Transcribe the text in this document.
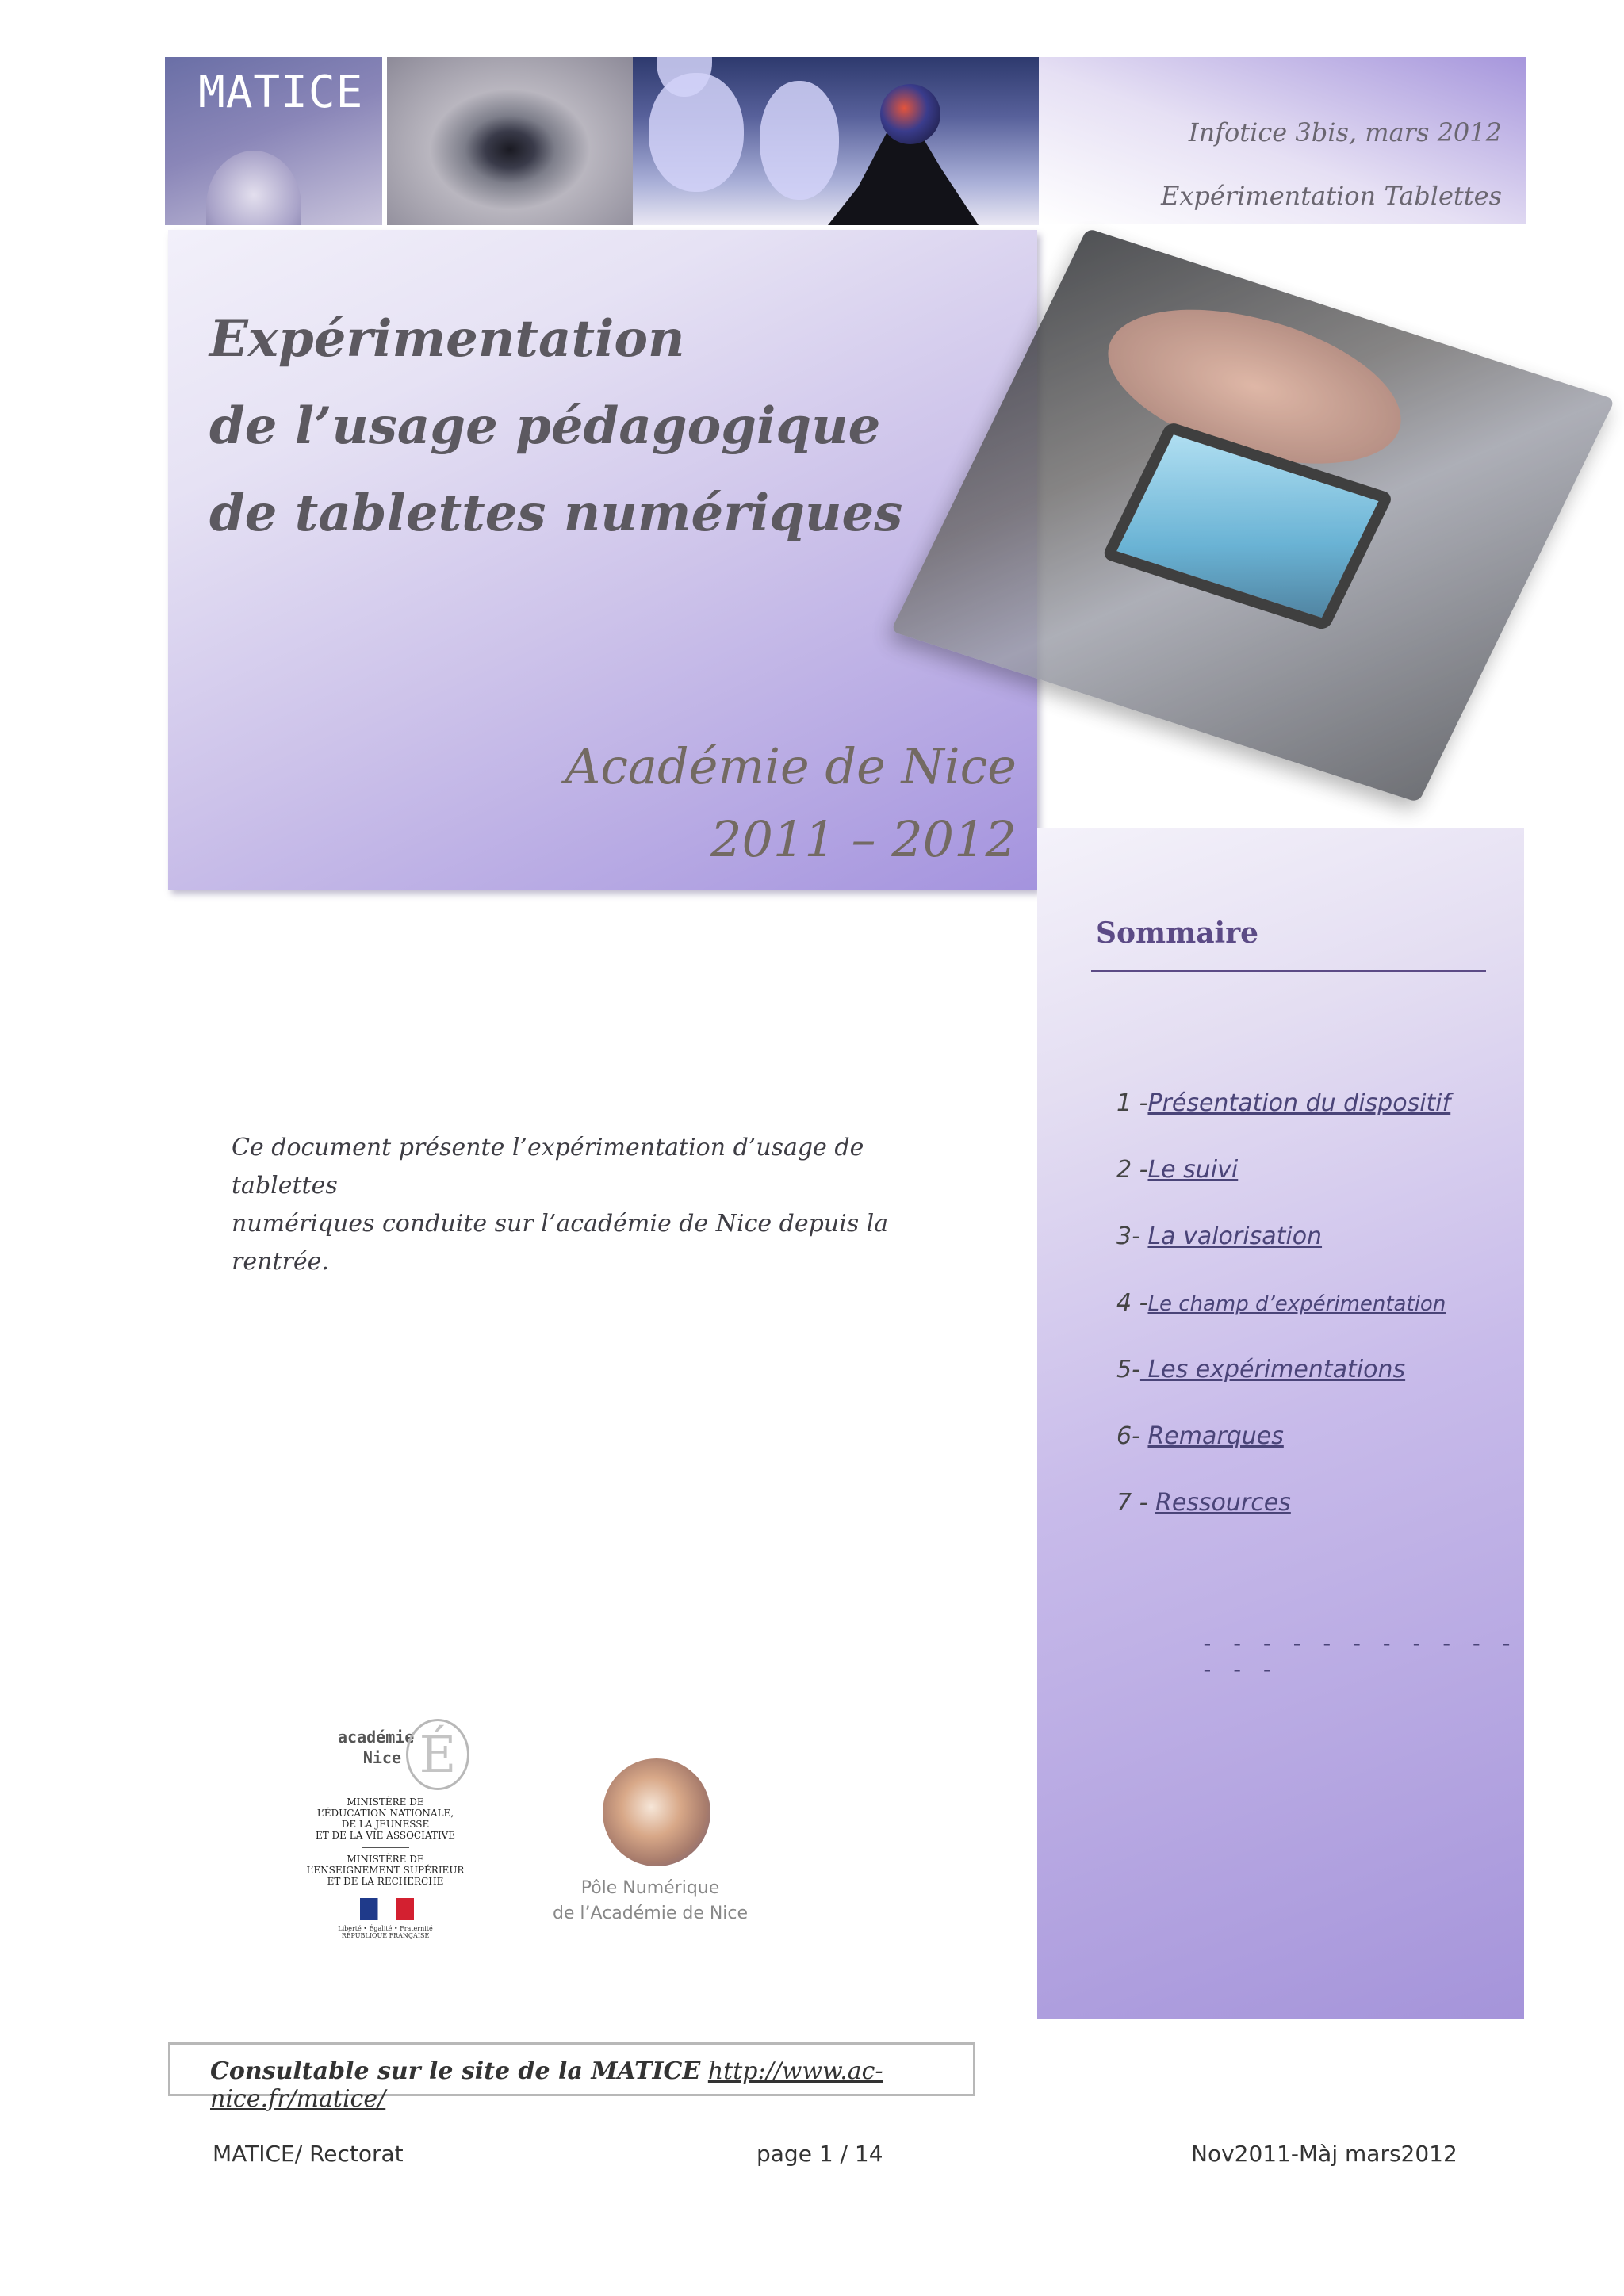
MATICE
Infotice 3bis, mars 2012
Expérimentation Tablettes
Expérimentation
de l’usage pédagogique
de tablettes numériques
Académie de Nice
2011 – 2012
Sommaire
1 -Présentation du dispositif
2 -Le suivi
3- La valorisation
4 -Le champ d’expérimentation
5- Les expérimentations
6- Remarques
7 - Ressources
- - - - - - - - - - - - - -
Ce document présente l’expérimentation d’usage de tablettes
numériques conduite sur l’académie de Nice depuis la rentrée.
académie
Nice É
MINISTÈRE DE
L’ÉDUCATION NATIONALE,
DE LA JEUNESSE
ET DE LA VIE ASSOCIATIVE
MINISTÈRE DE
L’ENSEIGNEMENT SUPÉRIEUR
ET DE LA RECHERCHE
Liberté • Égalité • Fraternité
RÉPUBLIQUE FRANÇAISE
Pôle Numérique
de l’Académie de Nice
Consultable sur le site de la MATICE http://www.ac-nice.fr/matice/
MATICE/ Rectorat	page 1 / 14	Nov2011-Màj mars2012
